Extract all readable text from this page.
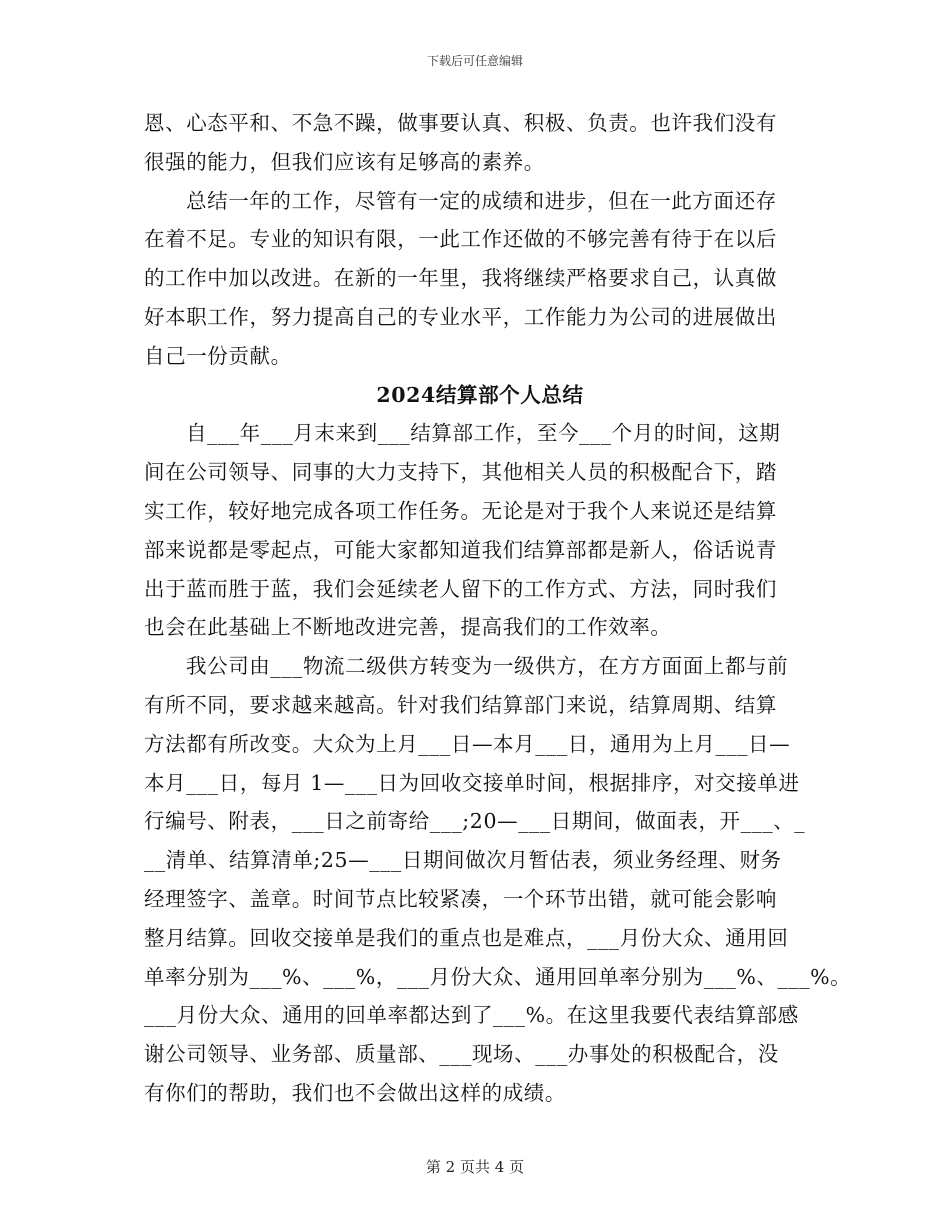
下载后可任意编辑
恩、心态平和、不急不躁，做事要认真、积极、负责。也许我们没有
很强的能力，但我们应该有足够高的素养。
总结一年的工作，尽管有一定的成绩和进步，但在一此方面还存
在着不足。专业的知识有限，一此工作还做的不够完善有待于在以后
的工作中加以改进。在新的一年里，我将继续严格要求自己，认真做
好本职工作，努力提高自己的专业水平，工作能力为公司的进展做出
自己一份贡献。
2024结算部个人总结
自___年___月末来到___结算部工作，至今___个月的时间，这期
间在公司领导、同事的大力支持下，其他相关人员的积极配合下，踏
实工作，较好地完成各项工作任务。无论是对于我个人来说还是结算
部来说都是零起点，可能大家都知道我们结算部都是新人，俗话说青
出于蓝而胜于蓝，我们会延续老人留下的工作方式、方法，同时我们
也会在此基础上不断地改进完善，提高我们的工作效率。
我公司由___物流二级供方转变为一级供方，在方方面面上都与前
有所不同，要求越来越高。针对我们结算部门来说，结算周期、结算
方法都有所改变。大众为上月___日—本月___日，通用为上月___日—
本月___日，每月 1—___日为回收交接单时间，根据排序，对交接单进
行编号、附表，___日之前寄给___;20—___日期间，做面表，开___、_
__清单、结算清单;25—___日期间做次月暂估表，须业务经理、财务
经理签字、盖章。时间节点比较紧凑，一个环节出错，就可能会影响
整月结算。回收交接单是我们的重点也是难点，___月份大众、通用回
单率分别为___%、___%，___月份大众、通用回单率分别为___%、___%。
___月份大众、通用的回单率都达到了___%。在这里我要代表结算部感
谢公司领导、业务部、质量部、___现场、___办事处的积极配合，没
有你们的帮助，我们也不会做出这样的成绩。
第 2 页共 4 页
